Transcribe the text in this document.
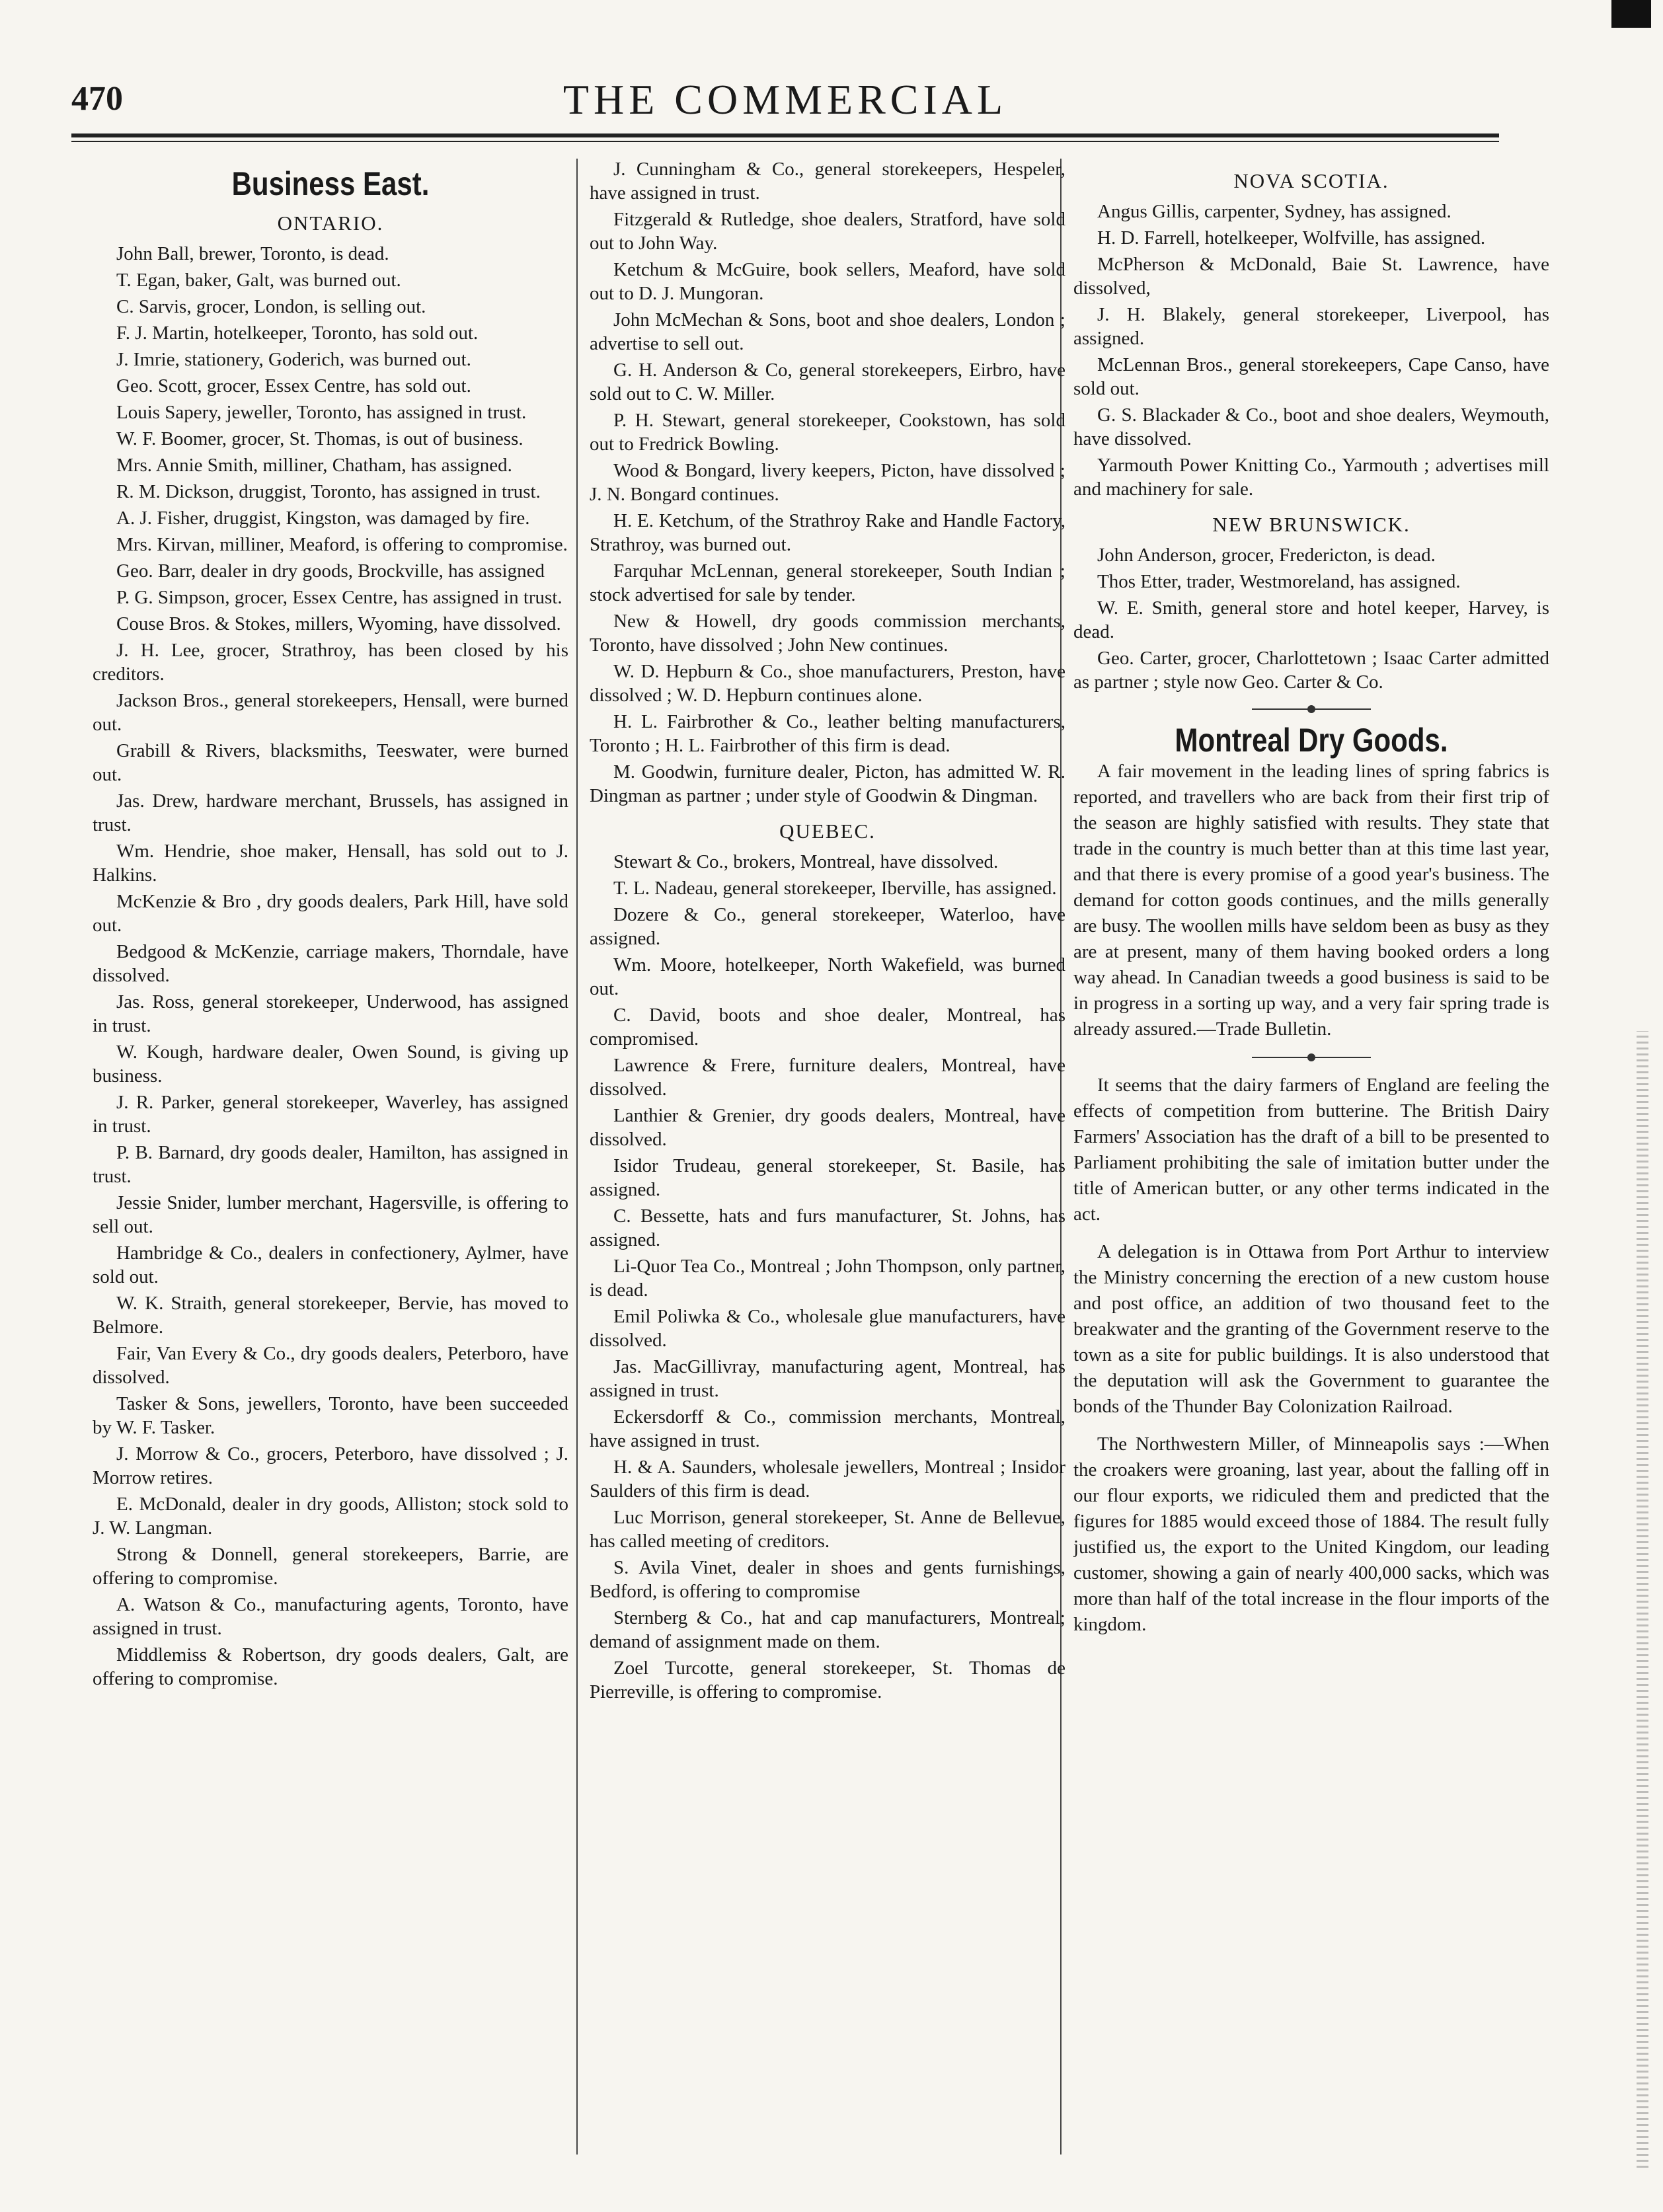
470	THE COMMERCIAL
Business East.
ONTARIO.

John Ball, brewer, Toronto, is dead.

T. Egan, baker, Galt, was burned out.

C. Sarvis, grocer, London, is selling out.

F. J. Martin, hotelkeeper, Toronto, has sold out.

J. Imrie, stationery, Goderich, was burned out.

Geo. Scott, grocer, Essex Centre, has sold out.

Louis Sapery, jeweller, Toronto, has assigned in trust.

W. F. Boomer, grocer, St. Thomas, is out of business.

Mrs. Annie Smith, milliner, Chatham, has assigned.

R. M. Dickson, druggist, Toronto, has assigned in trust.

A. J. Fisher, druggist, Kingston, was damaged by fire.

Mrs. Kirvan, milliner, Meaford, is offering to compromise.

Geo. Barr, dealer in dry goods, Brockville, has assigned

P. G. Simpson, grocer, Essex Centre, has assigned in trust.

Couse Bros. & Stokes, millers, Wyoming, have dissolved.

J. H. Lee, grocer, Strathroy, has been closed by his creditors.

Jackson Bros., general storekeepers, Hensall, were burned out.

Grabill & Rivers, blacksmiths, Teeswater, were burned out.

Jas. Drew, hardware merchant, Brussels, has assigned in trust.

Wm. Hendrie, shoe maker, Hensall, has sold out to J. Halkins.

McKenzie & Bro , dry goods dealers, Park Hill, have sold out.

Bedgood & McKenzie, carriage makers, Thorndale, have dissolved.

Jas. Ross, general storekeeper, Underwood, has assigned in trust.

W. Kough, hardware dealer, Owen Sound, is giving up business.

J. R. Parker, general storekeeper, Waverley, has assigned in trust.

P. B. Barnard, dry goods dealer, Hamilton, has assigned in trust.

Jessie Snider, lumber merchant, Hagersville, is offering to sell out.

Hambridge & Co., dealers in confectionery, Aylmer, have sold out.

W. K. Straith, general storekeeper, Bervie, has moved to Belmore.

Fair, Van Every & Co., dry goods dealers, Peterboro, have dissolved.

Tasker & Sons, jewellers, Toronto, have been succeeded by W. F. Tasker.

J. Morrow & Co., grocers, Peterboro, have dissolved ; J. Morrow retires.

E. McDonald, dealer in dry goods, Alliston; stock sold to J. W. Langman.

Strong & Donnell, general storekeepers, Barrie, are offering to compromise.

A. Watson & Co., manufacturing agents, Toronto, have assigned in trust.

Middlemiss & Robertson, dry goods dealers, Galt, are offering to compromise.

J. Cunningham & Co., general storekeepers, Hespeler, have assigned in trust.

Fitzgerald & Rutledge, shoe dealers, Stratford, have sold out to John Way.

Ketchum & McGuire, book sellers, Meaford, have sold out to D. J. Mungoran.

John McMechan & Sons, boot and shoe dealers, London ; advertise to sell out.

G. H. Anderson & Co, general storekeepers, Eirbro, have sold out to C. W. Miller.

P. H. Stewart, general storekeeper, Cookstown, has sold out to Fredrick Bowling.

Wood & Bongard, livery keepers, Picton, have dissolved ; J. N. Bongard continues.

H. E. Ketchum, of the Strathroy Rake and Handle Factory, Strathroy, was burned out.

Farquhar McLennan, general storekeeper, South Indian ; stock advertised for sale by tender.

New & Howell, dry goods commission merchants, Toronto, have dissolved ; John New continues.

W. D. Hepburn & Co., shoe manufacturers, Preston, have dissolved ; W. D. Hepburn continues alone.

H. L. Fairbrother & Co., leather belting manufacturers, Toronto ; H. L. Fairbrother of this firm is dead.

M. Goodwin, furniture dealer, Picton, has admitted W. R. Dingman as partner ; under style of Goodwin & Dingman.

QUEBEC.

Stewart & Co., brokers, Montreal, have dissolved.

T. L. Nadeau, general storekeeper, Iberville, has assigned.

Dozere & Co., general storekeeper, Waterloo, have assigned.

Wm. Moore, hotelkeeper, North Wakefield, was burned out.

C. David, boots and shoe dealer, Montreal, has compromised.

Lawrence & Frere, furniture dealers, Montreal, have dissolved.

Lanthier & Grenier, dry goods dealers, Montreal, have dissolved.

Isidor Trudeau, general storekeeper, St. Basile, has assigned.

C. Bessette, hats and furs manufacturer, St. Johns, has assigned.

Li-Quor Tea Co., Montreal ; John Thompson, only partner, is dead.

Emil Poliwka & Co., wholesale glue manufacturers, have dissolved.

Jas. MacGillivray, manufacturing agent, Montreal, has assigned in trust.

Eckersdorff & Co., commission merchants, Montreal, have assigned in trust.

H. & A. Saunders, wholesale jewellers, Montreal ; Insidor Saulders of this firm is dead.

Luc Morrison, general storekeeper, St. Anne de Bellevue, has called meeting of creditors.

S. Avila Vinet, dealer in shoes and gents furnishings, Bedford, is offering to compromise

Sternberg & Co., hat and cap manufacturers, Montreal; demand of assignment made on them.

Zoel Turcotte, general storekeeper, St. Thomas de Pierreville, is offering to compromise.

NOVA SCOTIA.

Angus Gillis, carpenter, Sydney, has assigned.

H. D. Farrell, hotelkeeper, Wolfville, has assigned.

McPherson & McDonald, Baie St. Lawrence, have dissolved,

J. H. Blakely, general storekeeper, Liverpool, has assigned.

McLennan Bros., general storekeepers, Cape Canso, have sold out.

G. S. Blackader & Co., boot and shoe dealers, Weymouth, have dissolved.

Yarmouth Power Knitting Co., Yarmouth ; advertises mill and machinery for sale.

NEW BRUNSWICK.

John Anderson, grocer, Fredericton, is dead.

Thos Etter, trader, Westmoreland, has assigned.

W. E. Smith, general store and hotel keeper, Harvey, is dead.

Geo. Carter, grocer, Charlottetown ; Isaac Carter admitted as partner ; style now Geo. Carter & Co.

Montreal Dry Goods.

A fair movement in the leading lines of spring fabrics is reported, and travellers who are back from their first trip of the season are highly satisfied with results. They state that trade in the country is much better than at this time last year, and that there is every promise of a good year's business. The demand for cotton goods continues, and the mills generally are busy. The woollen mills have seldom been as busy as they are at present, many of them having booked orders a long way ahead. In Canadian tweeds a good business is said to be in progress in a sorting up way, and a very fair spring trade is already assured.—Trade Bulletin.

It seems that the dairy farmers of England are feeling the effects of competition from butterine. The British Dairy Farmers' Association has the draft of a bill to be presented to Parliament prohibiting the sale of imitation butter under the title of American butter, or any other terms indicated in the act.

A delegation is in Ottawa from Port Arthur to interview the Ministry concerning the erection of a new custom house and post office, an addition of two thousand feet to the breakwater and the granting of the Government reserve to the town as a site for public buildings. It is also understood that the deputation will ask the Government to guarantee the bonds of the Thunder Bay Colonization Railroad.

The Northwestern Miller, of Minneapolis says :—When the croakers were groaning, last year, about the falling off in our flour exports, we ridiculed them and predicted that the figures for 1885 would exceed those of 1884. The result fully justified us, the export to the United Kingdom, our leading customer, showing a gain of nearly 400,000 sacks, which was more than half of the total increase in the flour imports of the kingdom.
